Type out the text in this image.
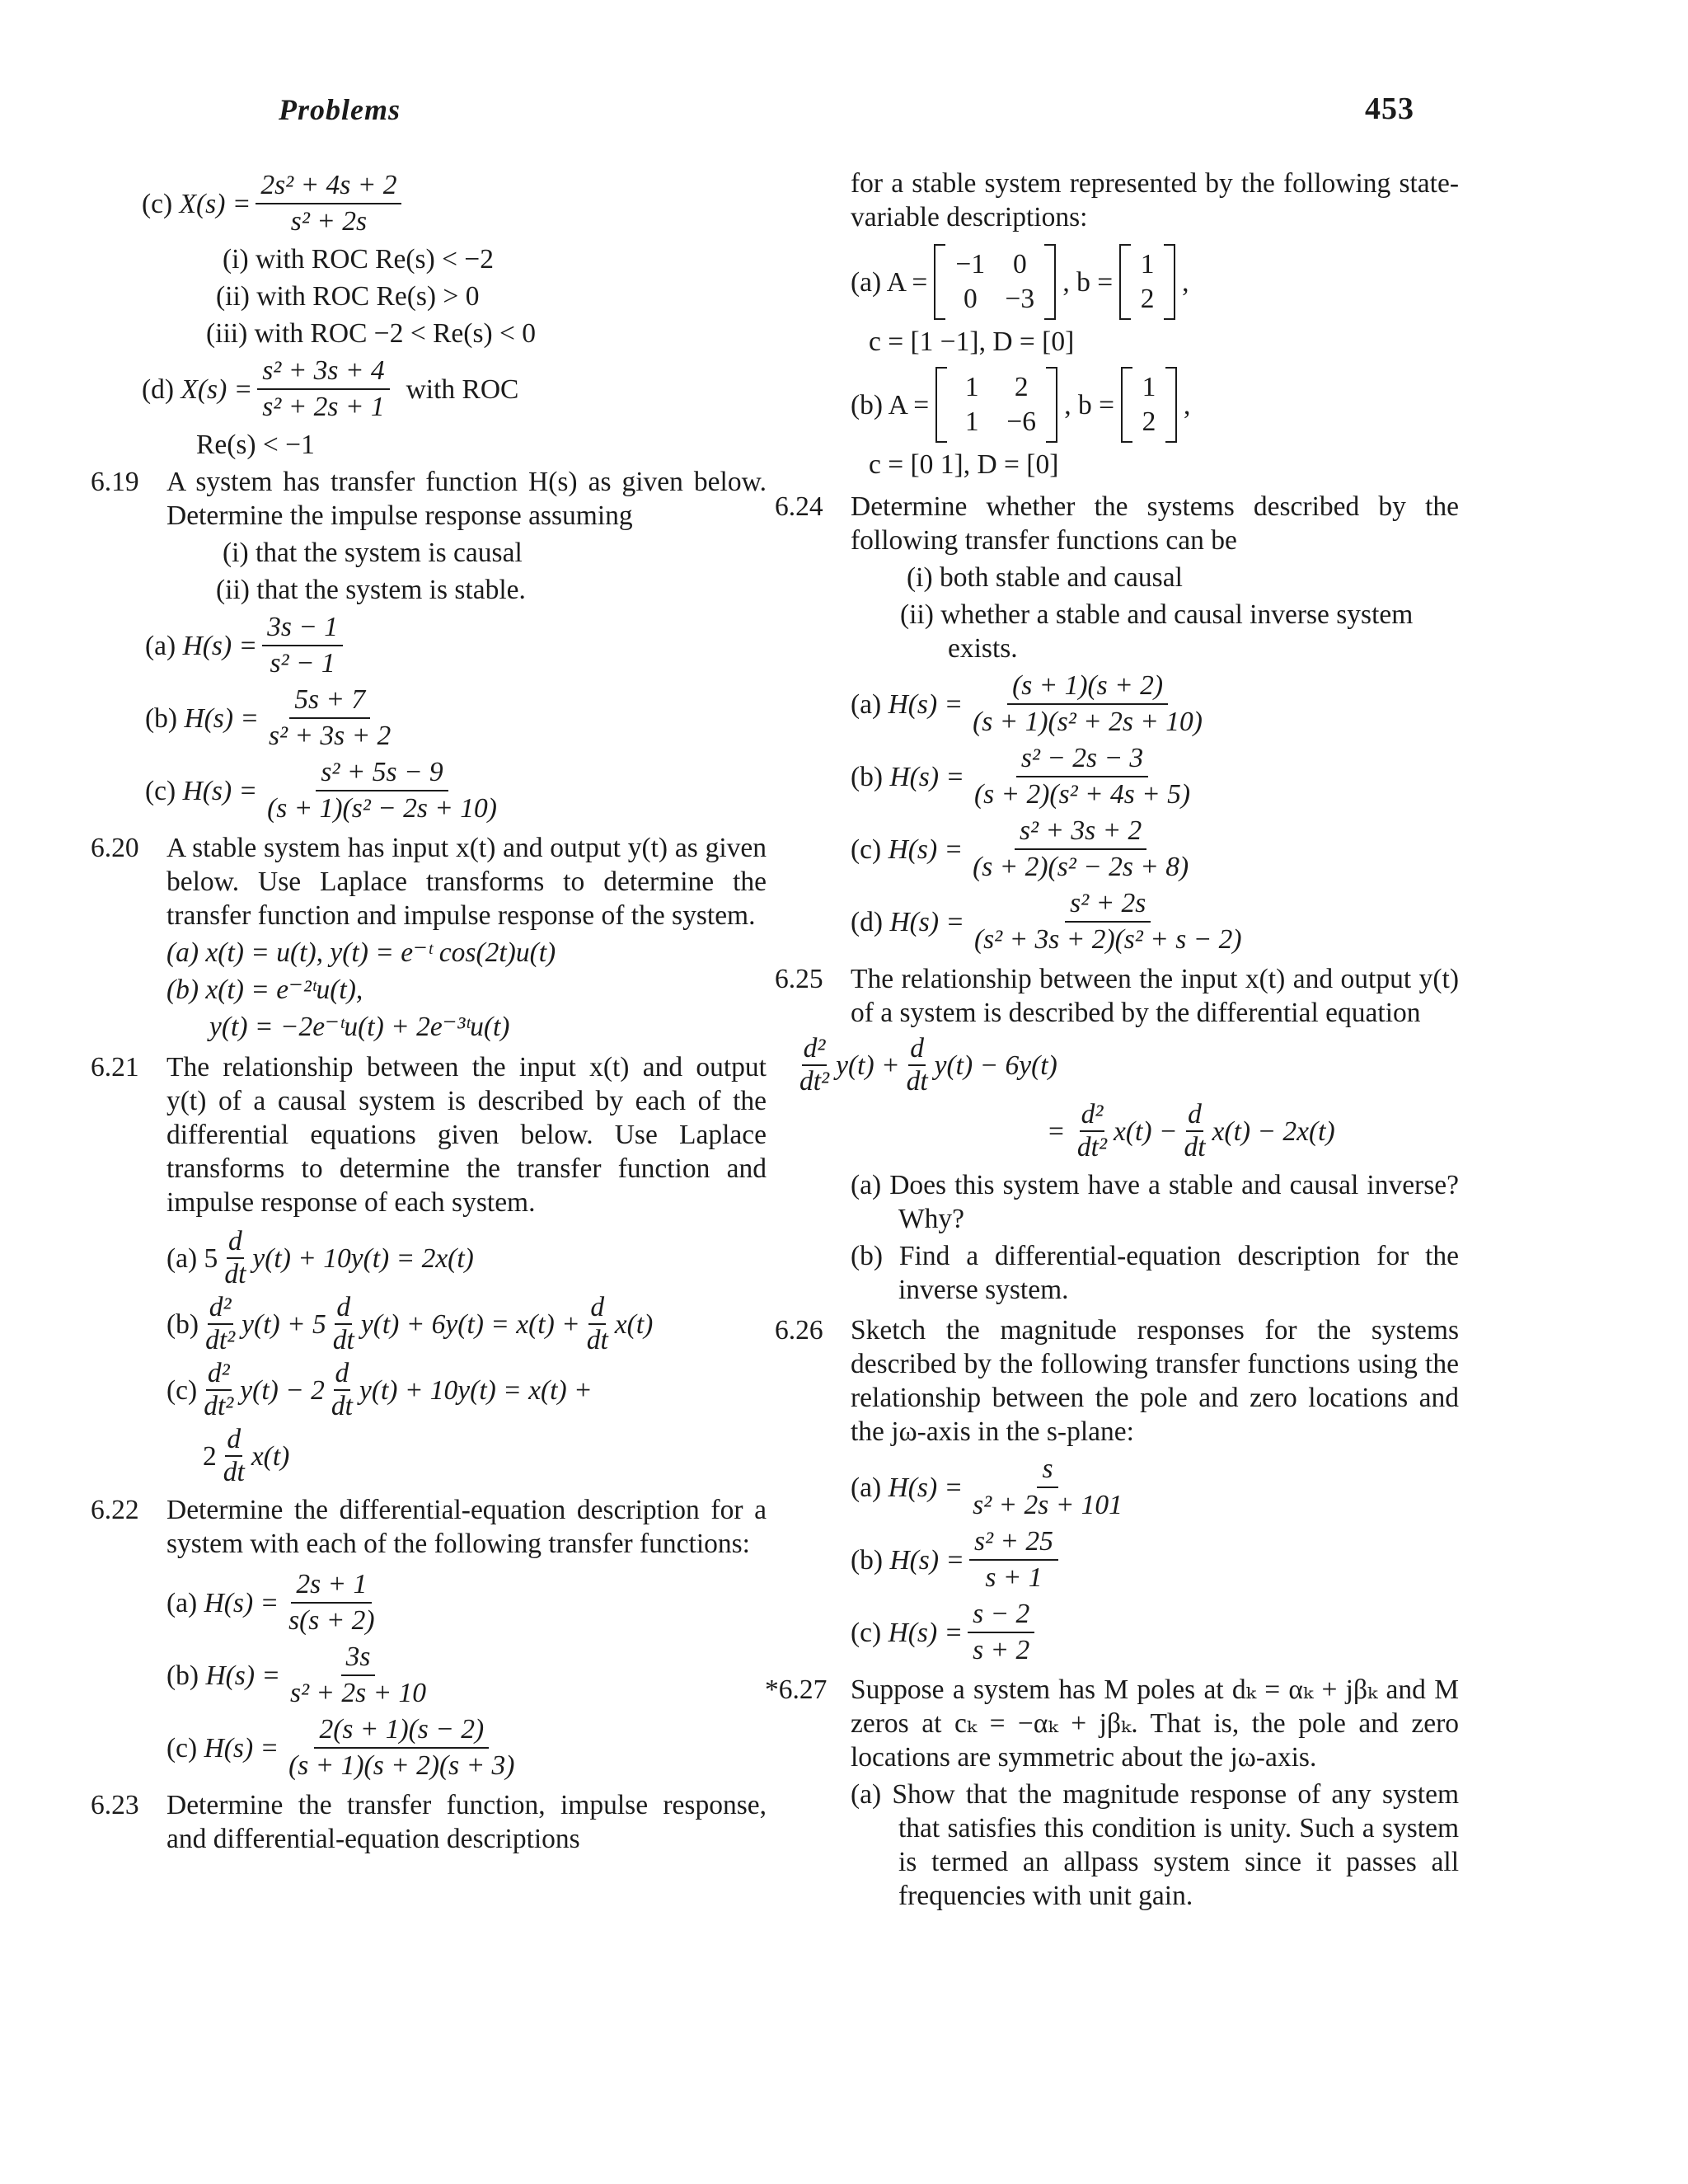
Problems	453
(c)
$X(s) = \frac{\text{2s² + 4s + 2}}{\text{s² + 2s}}$
(i) with ROC Re(s) < −2
(ii) with ROC Re(s) > 0
(iii) with ROC −2 < Re(s) < 0
(d)
$X(s) = \frac{\text{s² + 3s + 4}}{\text{s² + 2s + 1}}$ with ROC
Re(s) < −1
6.19 A system has transfer function H(s) as given below. Determine the impulse response assuming
(i) that the system is causal
(ii) that the system is stable.
(a)
$H(s) = \frac{3s - 1}{\text{s² − 1}}$
(b)
$H(s) = \frac{5s + 7}{\text{s² + 3s + 2}}$
(c)
$H(s) = \frac{\text{s² + 5s − 9}}{\text{(s + 1)(s² − 2s + 10)}}$
6.20 A stable system has input x(t) and output y(t) as given below. Use Laplace transforms to determine the transfer function and impulse response of the system.
(a) x(t) = u(t), y(t) = e⁻ᵗ cos(2t)u(t)
(b) x(t) = e⁻²ᵗu(t),
y(t) = −2e⁻ᵗu(t) + 2e⁻³ᵗu(t)
6.21 The relationship between the input x(t) and output y(t) of a causal system is described by each of the differential equations given below. Use Laplace transforms to determine the transfer function and impulse response of each system.
(a) $5 \frac{d}{dt} y(t) + 10y(t) = 2x(t)$
$(b) \frac{\text{d²}}{\text{dt²}} y(t) + 5 \frac{d}{dt} y(t) + 6y(t) = x(t) + \frac{d}{dt} x(t)$
$(c) \frac{\text{d²}}{\text{dt²}} y(t) - 2 \frac{d}{dt} y(t) + 10y(t) = x(t)$ +
$2 \frac{d}{dt} x(t)$
6.22 Determine the differential-equation description for a system with each of the following transfer functions:
(a)
$H(s) = \frac{2s + 1}{s(s + 2)}$
(b)
$H(s) = \frac{3s}{\text{s² + 2s + 10}}$
(c)
$H(s) = \frac{2(s + 1)(s - 2)}{(s + 1)(s + 2)(s + 3)}$
6.23 Determine the transfer function, impulse response, and differential-equation descriptions
for a stable system represented by the following state-variable descriptions:
(a) A =
−1	0
0	−3
, b =
1
2
,
c = [1 −1], D = [0]
(b) A =
1	2
1	−6
, b =
1
2
,
c = [0 1], D = [0]
6.24 Determine whether the systems described by the following transfer functions can be
(i) both stable and causal
(ii) whether a stable and causal inverse system exists.
(a)
$H(s) = \frac{(s + 1)(s + 2)}{\text{(s + 1)(s² + 2s + 10)}}$
(b)
$H(s) = \frac{\text{s² − 2s − 3}}{\text{(s + 2)(s² + 4s + 5)}}$
(c)
$H(s) = \frac{\text{s² + 3s + 2}}{\text{(s + 2)(s² − 2s + 8)}}$
(d)
$H(s) = \frac{\text{s² + 2s}}{\text{(s² + 3s + 2)(s² + s − 2)}}$
6.25 The relationship between the input x(t) and output y(t) of a system is described by the differential equation
$\frac{\text{d²}}{\text{dt²}} y(t) + \frac{d}{dt} y(t) - 6y(t)$
= $\frac{\text{d²}}{\text{dt²}} x(t) - \frac{d}{dt} x(t) - 2x(t)$
(a) Does this system have a stable and causal inverse? Why?
(b) Find a differential-equation description for the inverse system.
6.26 Sketch the magnitude responses for the systems described by the following transfer functions using the relationship between the pole and zero locations and the jω-axis in the s-plane:
(a)
$H(s) = \frac{s}{\text{s² + 2s + 101}}$
(b)
$H(s) = \frac{\text{s² + 25}}{s + 1}$
(c)
$H(s) = \frac{s - 2}{s + 2}$
*6.27 Suppose a system has M poles at dₖ = αₖ + jβₖ and M zeros at cₖ = −αₖ + jβₖ. That is, the pole and zero locations are symmetric about the jω-axis.
(a) Show that the magnitude response of any system that satisfies this condition is unity. Such a system is termed an allpass system since it passes all frequencies with unit gain.
